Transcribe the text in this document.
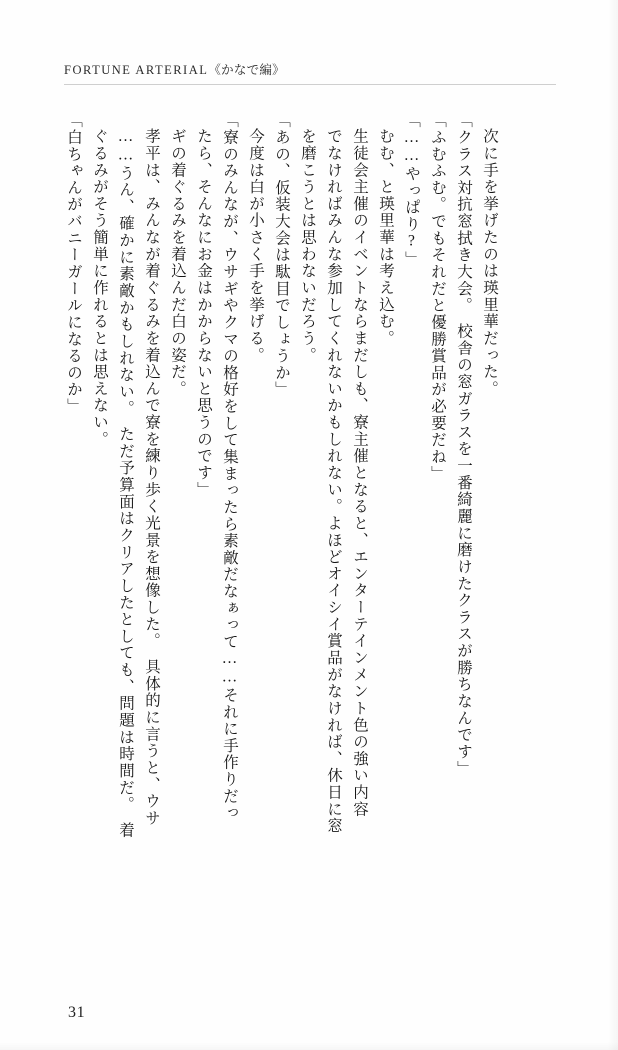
FORTUNE ARTERIAL《かなで編》
「白ちゃんがバニーガールになるのか」 ぐるみがそう簡単に作れるとは思えない。 ……うん、確かに素敵かもしれない。　ただ予算面はクリアしたとしても、問題は時間だ。　着 孝平は、みんなが着ぐるみを着込んで寮を練り歩く光景を想像した。　具体的に言うと、ウサ ギの着ぐるみを着込んだ白の姿だ。 たら、そんなにお金はかからないと思うのです」 「寮のみんなが、ウサギやクマの格好をして集まったら素敵だなぁって……それに手作りだっ 今度は白が小さく手を挙げる。 「あの、仮装大会は駄目でしょうか」 を磨こうとは思わないだろう。 でなければみんな参加してくれないかもしれない。よほどオイシイ賞品がなければ、休日に窓 生徒会主催のイベントならまだしも、寮主催となると、エンターテインメント色の強い内容 むむ、と瑛里華は考え込む。 「……やっぱり?」 「ふむふむ。でもそれだと優勝賞品が必要だね」 「クラス対抗窓拭き大会。　校舎の窓ガラスを一番綺麗に磨けたクラスが勝ちなんです」 次に手を挙げたのは瑛里華だった。
31
